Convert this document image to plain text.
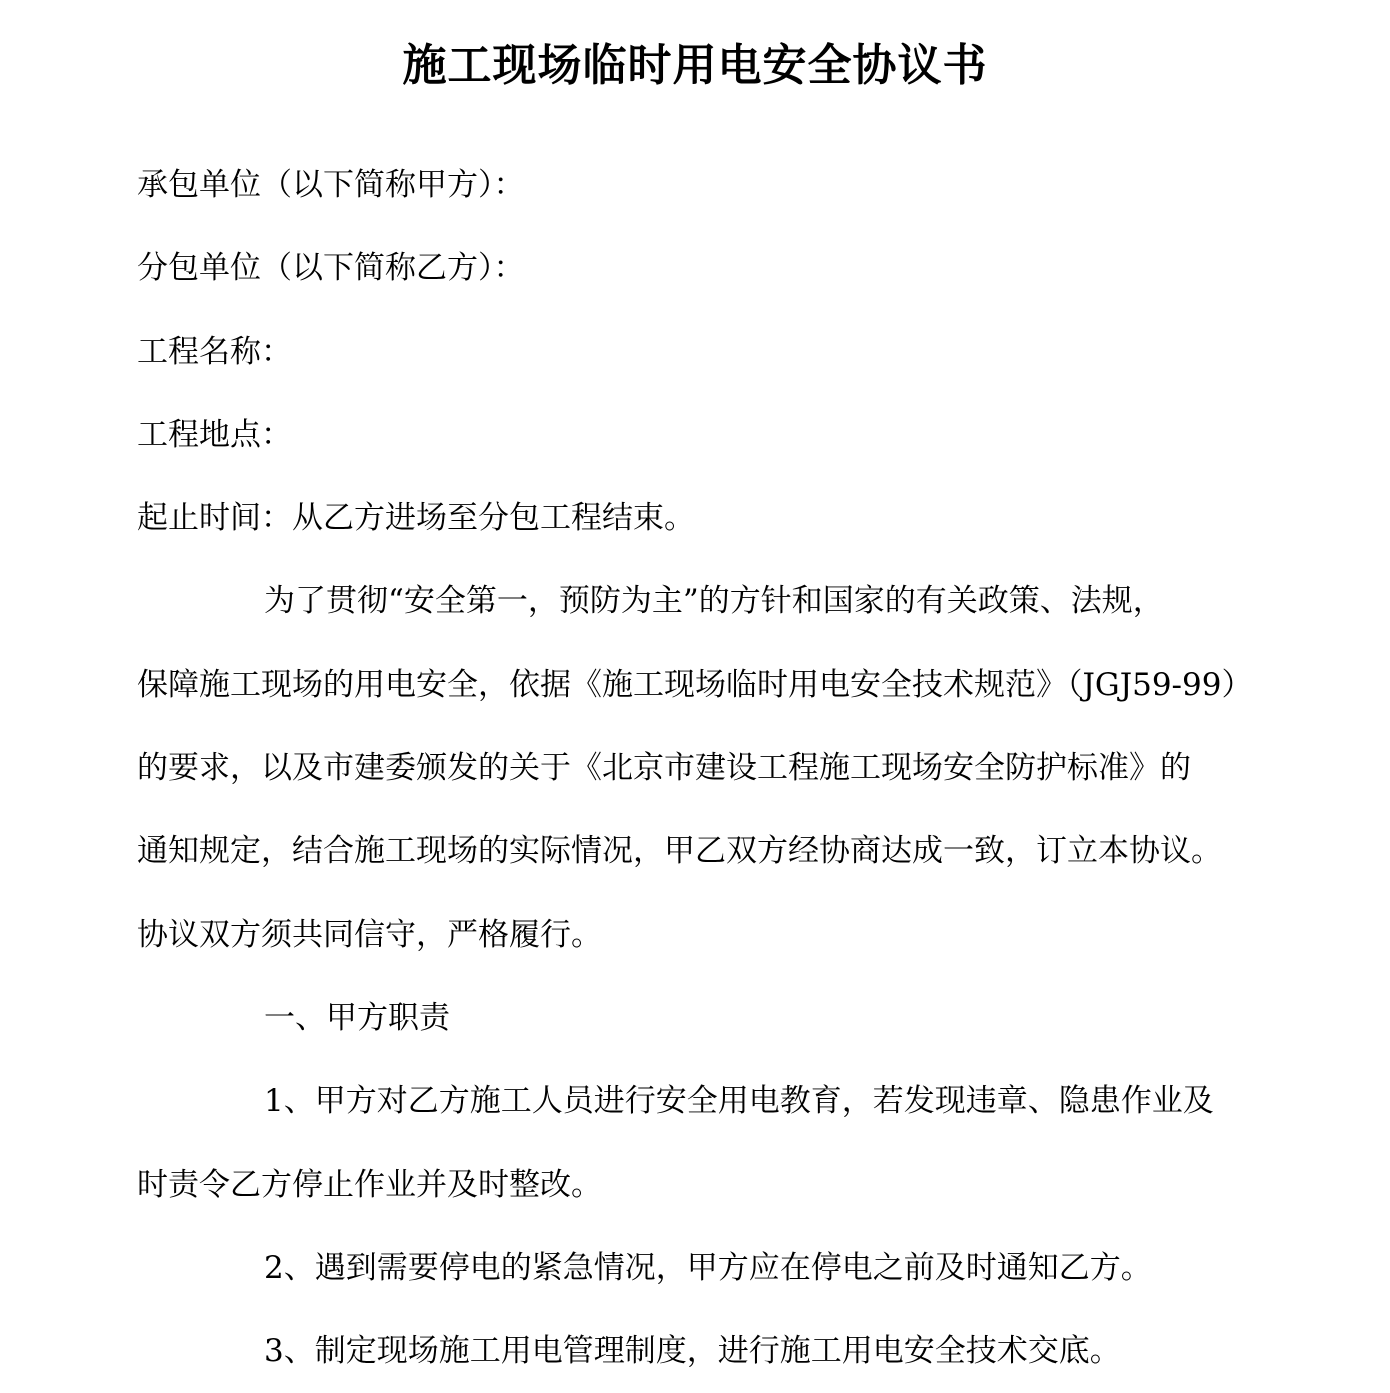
施工现场临时用电安全协议书
承包单位（以下简称甲方）：
分包单位（以下简称乙方）：
工程名称：
工程地点：
起止时间：从乙方进场至分包工程结束。
为了贯彻“安全第一，预防为主”的方针和国家的有关政策、法规，
保障施工现场的用电安全，依据《施工现场临时用电安全技术规范》（JGJ59-99）
的要求，以及市建委颁发的关于《北京市建设工程施工现场安全防护标准》的
通知规定，结合施工现场的实际情况，甲乙双方经协商达成一致，订立本协议。
协议双方须共同信守，严格履行。
一、甲方职责
1、甲方对乙方施工人员进行安全用电教育，若发现违章、隐患作业及
时责令乙方停止作业并及时整改。
2、遇到需要停电的紧急情况，甲方应在停电之前及时通知乙方。
3、制定现场施工用电管理制度，进行施工用电安全技术交底。
